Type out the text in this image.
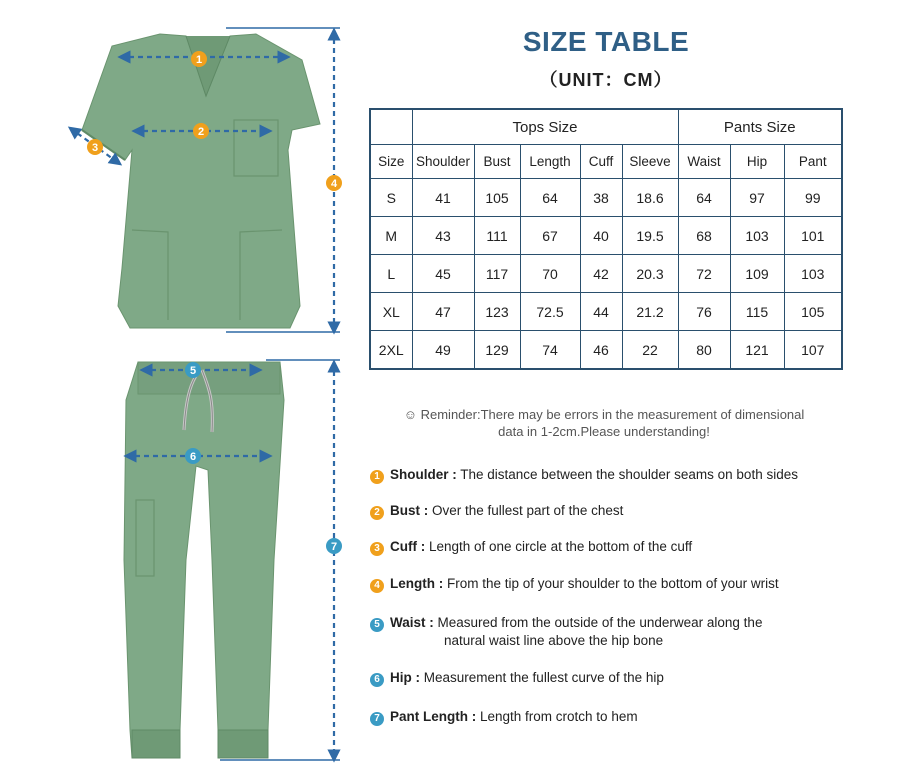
1
2
3
4
5
6
7
SIZE TABLE
（UNIT：CM）
	Tops Size					Pants Size		
Size	Shoulder	Bust	Length	Cuff	Sleeve	Waist	Hip	Pant
S	41	105	64	38	18.6	64	97	99
M	43	111	67	40	19.5	68	103	101
L	45	117	70	42	20.3	72	109	103
XL	47	123	72.5	44	21.2	76	115	105
2XL	49	129	74	46	22	80	121	107
☺ Reminder:There may be errors in the measurement of dimensional
data in 1-2cm.Please understanding!
1 Shoulder : The distance between the shoulder seams on both sides
2 Bust : Over the fullest part of the chest
3 Cuff : Length of one circle at the bottom of the cuff
4 Length : From the tip of your shoulder to the bottom of your wrist
5 Waist : Measured from the outside of the underwear along the
natural waist line above the hip bone
6 Hip : Measurement the fullest curve of the hip
7 Pant Length : Length from crotch to hem
